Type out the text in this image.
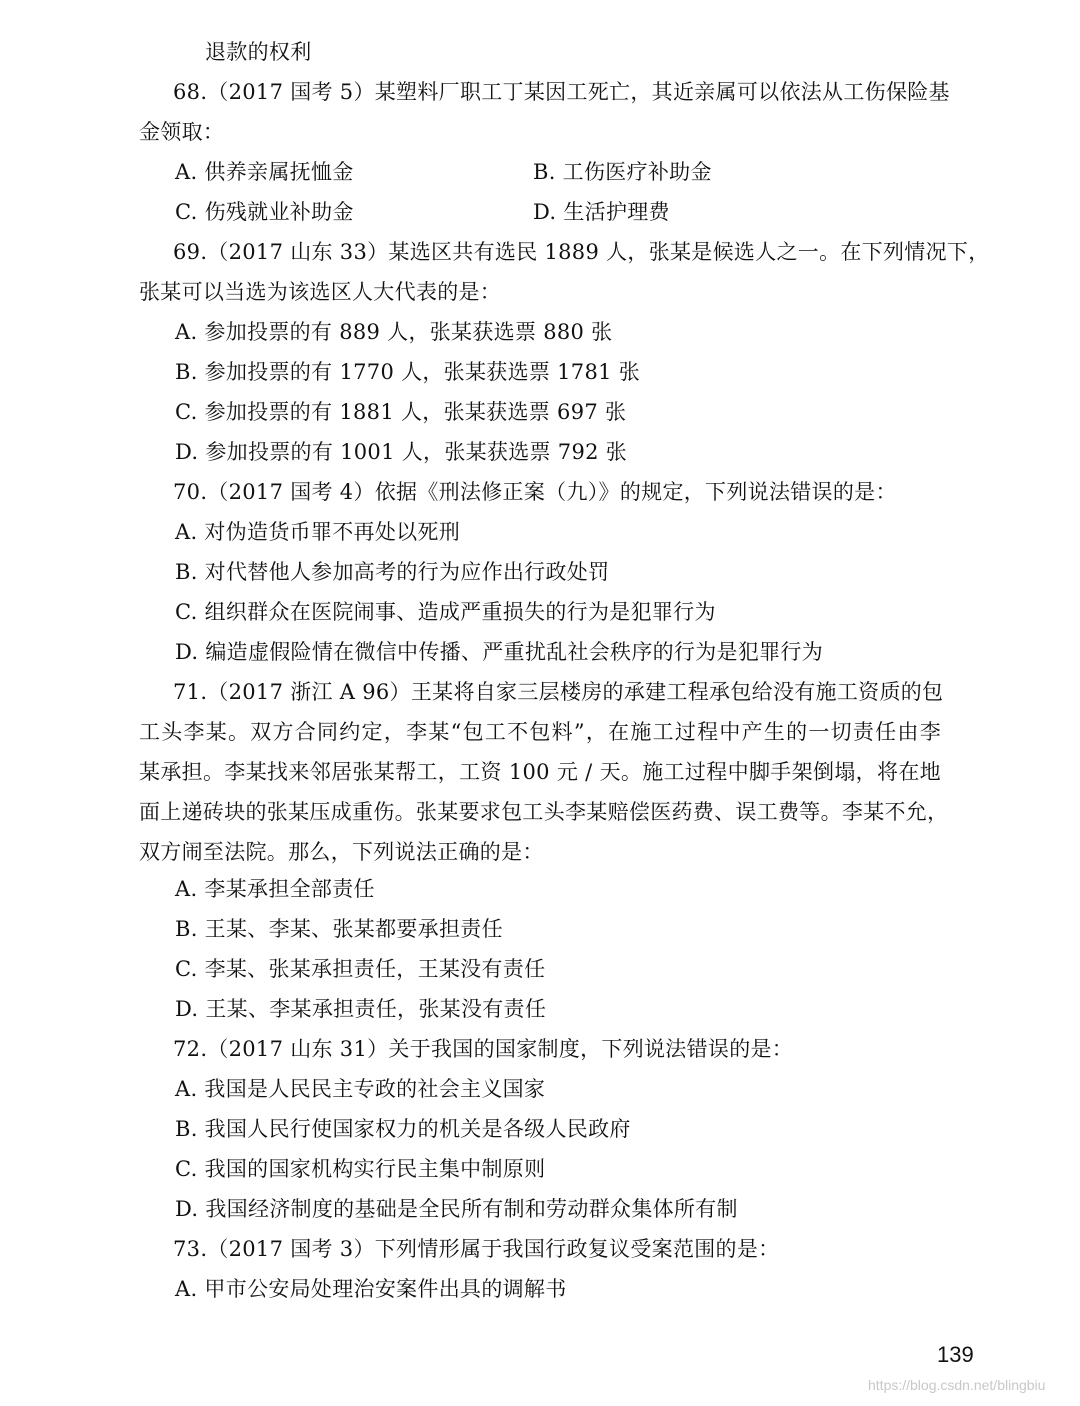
退款的权利
68.（2017 国考 5）某塑料厂职工丁某因工死亡，其近亲属可以依法从工伤保险基
金领取：
A. 供养亲属抚恤金	B. 工伤医疗补助金
C. 伤残就业补助金	D. 生活护理费
69.（2017 山东 33）某选区共有选民 1889 人，张某是候选人之一。在下列情况下，
张某可以当选为该选区人大代表的是：
A. 参加投票的有 889 人，张某获选票 880 张
B. 参加投票的有 1770 人，张某获选票 1781 张
C. 参加投票的有 1881 人，张某获选票 697 张
D. 参加投票的有 1001 人，张某获选票 792 张
70.（2017 国考 4）依据《刑法修正案（九）》的规定，下列说法错误的是：
A. 对伪造货币罪不再处以死刑
B. 对代替他人参加高考的行为应作出行政处罚
C. 组织群众在医院闹事、造成严重损失的行为是犯罪行为
D. 编造虚假险情在微信中传播、严重扰乱社会秩序的行为是犯罪行为
71.（2017 浙江 A 96）王某将自家三层楼房的承建工程承包给没有施工资质的包
工头李某。双方合同约定，李某“包工不包料”，在施工过程中产生的一切责任由李
某承担。李某找来邻居张某帮工，工资 100 元 / 天。施工过程中脚手架倒塌，将在地
面上递砖块的张某压成重伤。张某要求包工头李某赔偿医药费、误工费等。李某不允，
双方闹至法院。那么，下列说法正确的是：
A. 李某承担全部责任
B. 王某、李某、张某都要承担责任
C. 李某、张某承担责任，王某没有责任
D. 王某、李某承担责任，张某没有责任
72.（2017 山东 31）关于我国的国家制度，下列说法错误的是：
A. 我国是人民民主专政的社会主义国家
B. 我国人民行使国家权力的机关是各级人民政府
C. 我国的国家机构实行民主集中制原则
D. 我国经济制度的基础是全民所有制和劳动群众集体所有制
73.（2017 国考 3）下列情形属于我国行政复议受案范围的是：
A. 甲市公安局处理治安案件出具的调解书
139
https://blog.csdn.net/blingbiu
